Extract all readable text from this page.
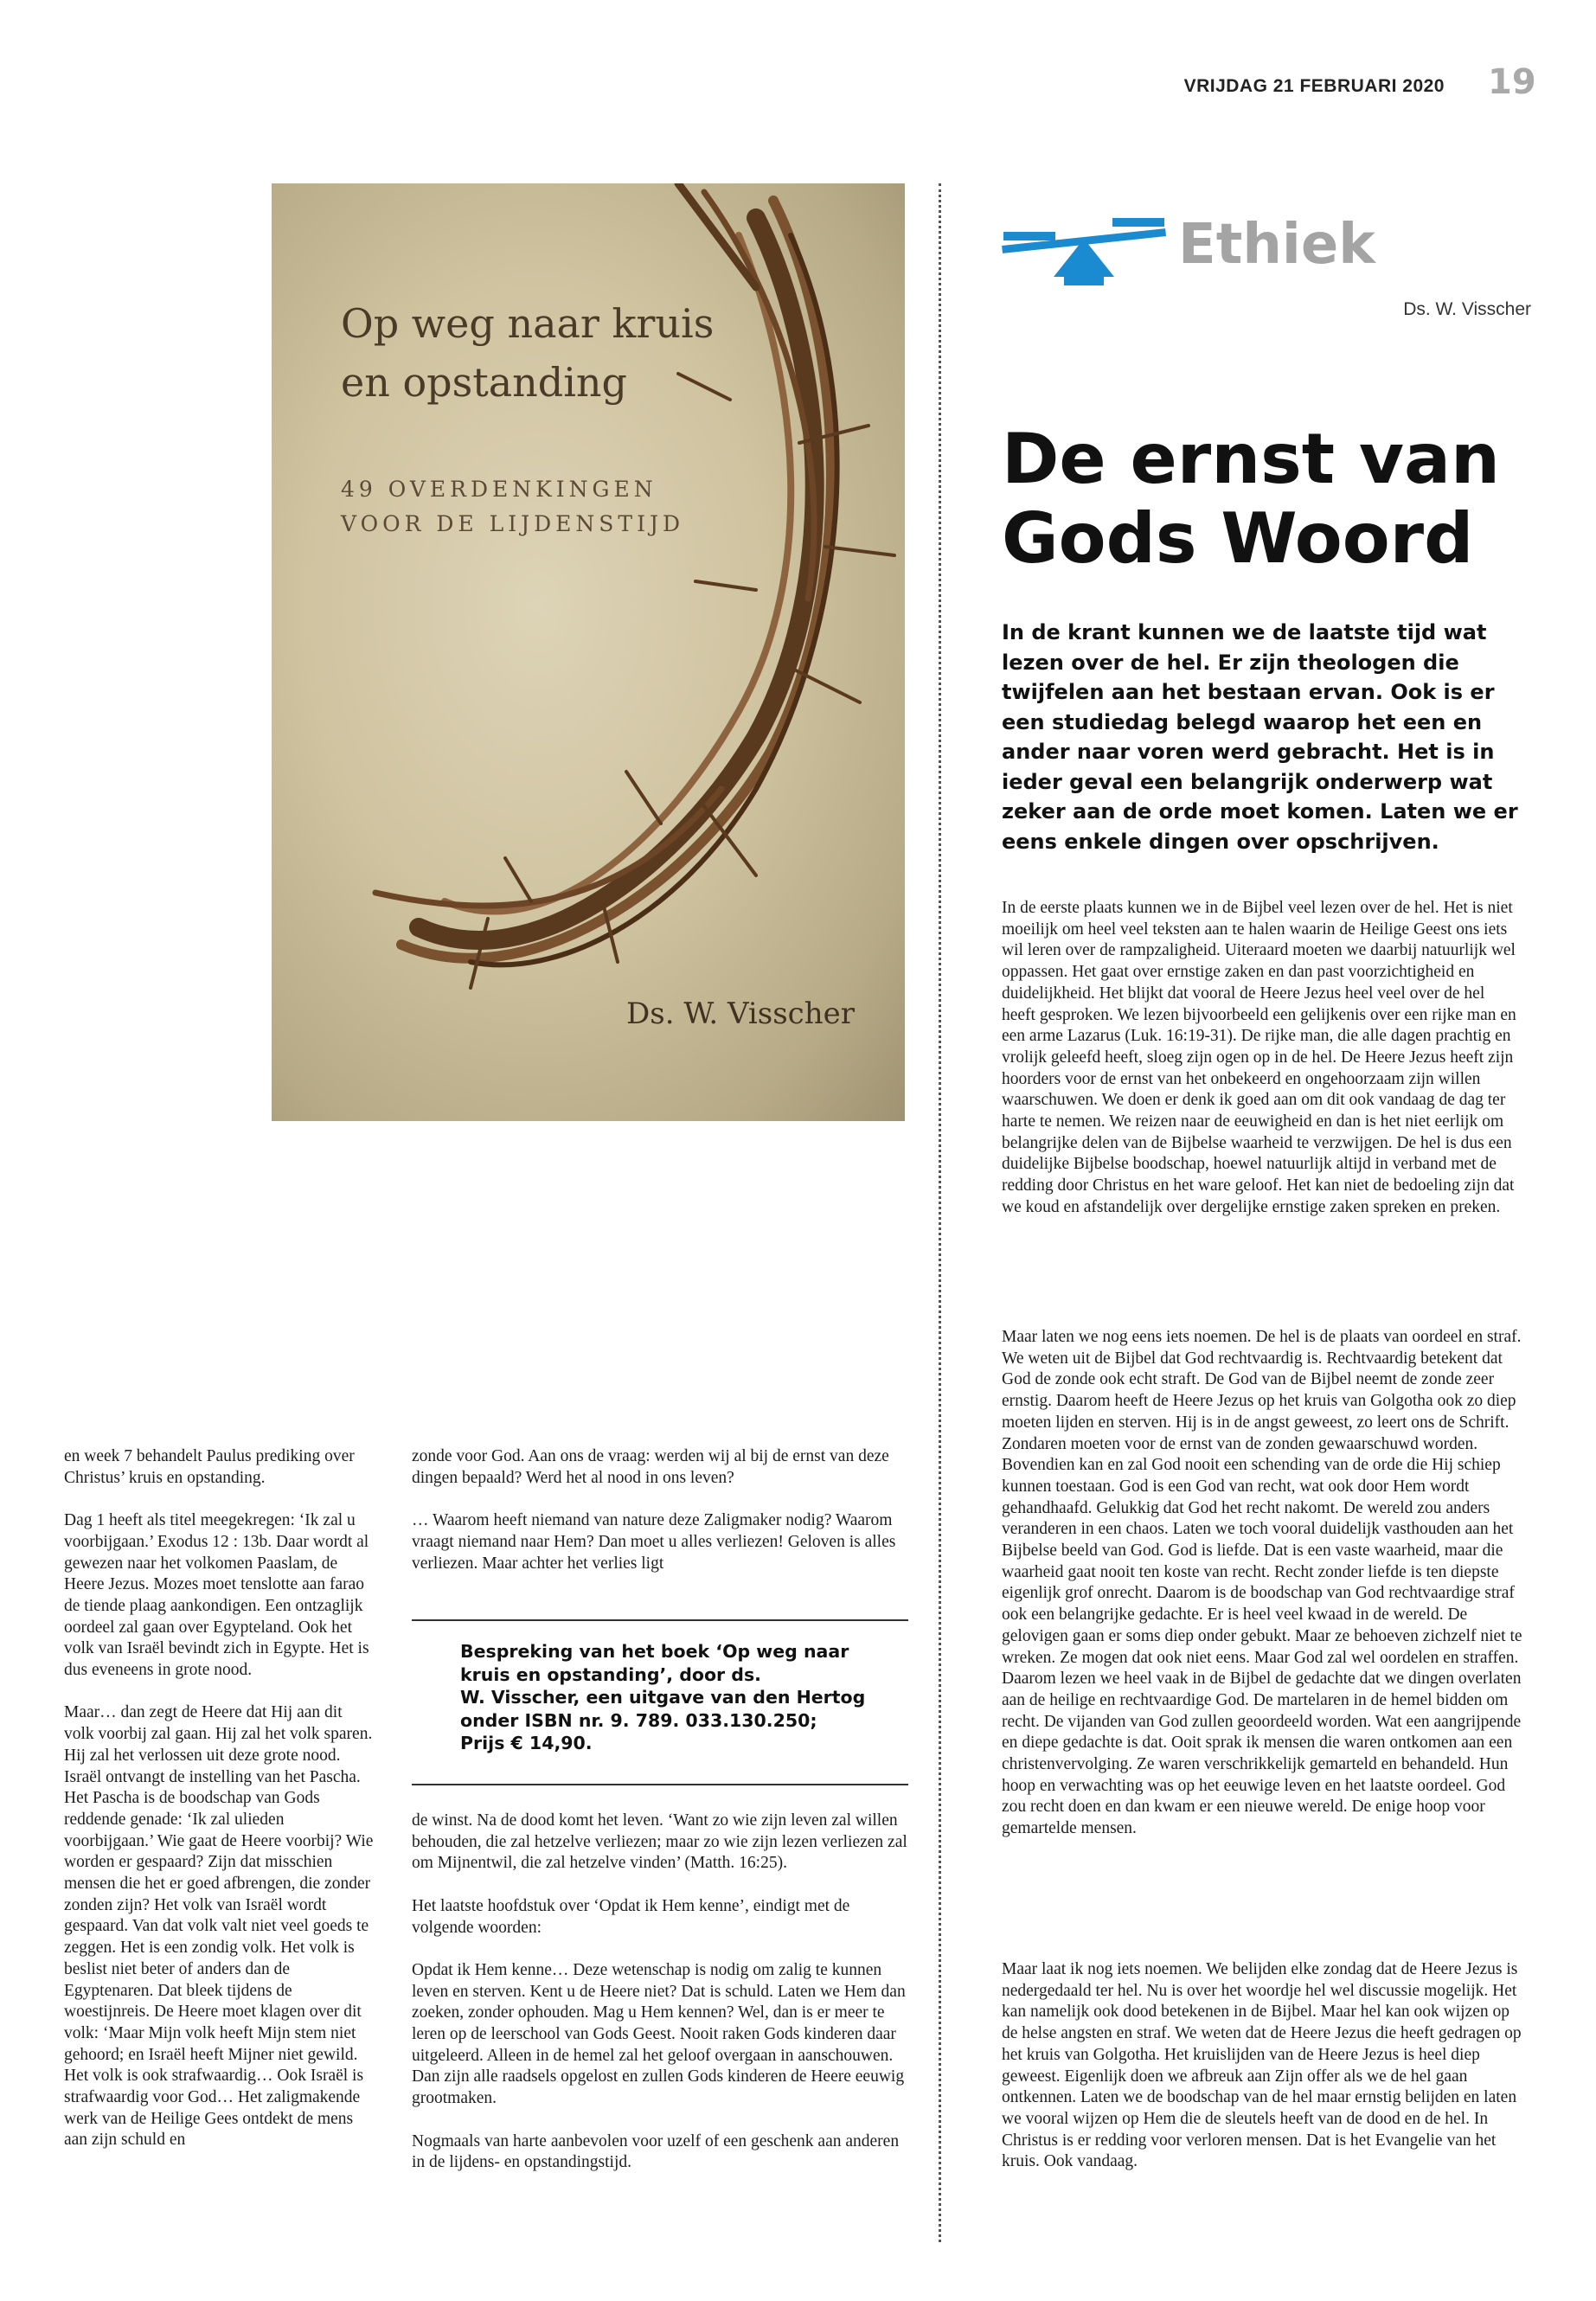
VRIJDAG 21 FEBRUARI 2020 19
Op weg naar kruis
en opstanding
49 OVERDENKINGEN
VOOR DE LIJDENSTIJD
Ds. W. Visscher
Ethiek
Ds. W. Visscher
De ernst van
Gods Woord
In de krant kunnen we de laatste tijd wat lezen over de hel. Er zijn theologen die twijfelen aan het bestaan ervan. Ook is er een studiedag belegd waarop het een en ander naar voren werd gebracht. Het is in ieder geval een belangrijk onderwerp wat zeker aan de orde moet komen. Laten we er eens enkele dingen over opschrijven.
In de eerste plaats kunnen we in de Bijbel veel lezen over de hel. Het is niet moeilijk om heel veel teksten aan te halen waarin de Heilige Geest ons iets wil leren over de rampzaligheid. Uiteraard moeten we daarbij natuurlijk wel oppassen. Het gaat over ernstige zaken en dan past voorzichtigheid en duidelijkheid. Het blijkt dat vooral de Heere Jezus heel veel over de hel heeft gesproken. We lezen bijvoorbeeld een gelijkenis over een rijke man en een arme Lazarus (Luk. 16:19-31). De rijke man, die alle dagen prachtig en vrolijk geleefd heeft, sloeg zijn ogen op in de hel. De Heere Jezus heeft zijn hoorders voor de ernst van het onbekeerd en ongehoorzaam zijn willen waarschuwen. We doen er denk ik goed aan om dit ook vandaag de dag ter harte te nemen. We reizen naar de eeuwigheid en dan is het niet eerlijk om belangrijke delen van de Bijbelse waarheid te verzwijgen. De hel is dus een duidelijke Bijbelse boodschap, hoewel natuurlijk altijd in verband met de redding door Christus en het ware geloof. Het kan niet de bedoeling zijn dat we koud en afstandelijk over dergelijke ernstige zaken spreken en preken.
Maar laten we nog eens iets noemen. De hel is de plaats van oordeel en straf. We weten uit de Bijbel dat God rechtvaardig is. Rechtvaardig betekent dat God de zonde ook echt straft. De God van de Bijbel neemt de zonde zeer ernstig. Daarom heeft de Heere Jezus op het kruis van Golgotha ook zo diep moeten lijden en sterven. Hij is in de angst geweest, zo leert ons de Schrift. Zondaren moeten voor de ernst van de zonden gewaarschuwd worden. Bovendien kan en zal God nooit een schending van de orde die Hij schiep kunnen toestaan. God is een God van recht, wat ook door Hem wordt gehandhaafd. Gelukkig dat God het recht nakomt. De wereld zou anders veranderen in een chaos. Laten we toch vooral duidelijk vasthouden aan het Bijbelse beeld van God. God is liefde. Dat is een vaste waarheid, maar die waarheid gaat nooit ten koste van recht. Recht zonder liefde is ten diepste eigenlijk grof onrecht. Daarom is de boodschap van God rechtvaardige straf ook een belangrijke gedachte. Er is heel veel kwaad in de wereld. De gelovigen gaan er soms diep onder gebukt. Maar ze behoeven zichzelf niet te wreken. Ze mogen dat ook niet eens. Maar God zal wel oordelen en straffen. Daarom lezen we heel vaak in de Bijbel de gedachte dat we dingen overlaten aan de heilige en rechtvaardige God. De martelaren in de hemel bidden om recht. De vijanden van God zullen geoordeeld worden. Wat een aangrijpende en diepe gedachte is dat. Ooit sprak ik mensen die waren ontkomen aan een christenvervolging. Ze waren verschrikkelijk gemarteld en behandeld. Hun hoop en verwachting was op het eeuwige leven en het laatste oordeel. God zou recht doen en dan kwam er een nieuwe wereld. De enige hoop voor gemartelde mensen.
Maar laat ik nog iets noemen. We belijden elke zondag dat de Heere Jezus is nedergedaald ter hel. Nu is over het woordje hel wel discussie mogelijk. Het kan namelijk ook dood betekenen in de Bijbel. Maar hel kan ook wijzen op de helse angsten en straf. We weten dat de Heere Jezus die heeft gedragen op het kruis van Golgotha. Het kruislijden van de Heere Jezus is heel diep geweest. Eigenlijk doen we afbreuk aan Zijn offer als we de hel gaan ontkennen. Laten we de boodschap van de hel maar ernstig belijden en laten we vooral wijzen op Hem die de sleutels heeft van de dood en de hel. In Christus is er redding voor verloren mensen. Dat is het Evangelie van het kruis. Ook vandaag.

en week 7 behandelt Paulus prediking over Christus’ kruis en opstanding.

Dag 1 heeft als titel meegekregen: ‘Ik zal u voorbijgaan.’ Exodus 12 : 13b. Daar wordt al gewezen naar het volkomen Paaslam, de Heere Jezus. Mozes moet tenslotte aan farao de tiende plaag aankondigen. Een ontzaglijk oordeel zal gaan over Egypteland. Ook het volk van Israël bevindt zich in Egypte. Het is dus eveneens in grote nood.

Maar… dan zegt de Heere dat Hij aan dit volk voorbij zal gaan. Hij zal het volk sparen. Hij zal het verlossen uit deze grote nood. Israël ontvangt de instelling van het Pascha. Het Pascha is de boodschap van Gods reddende genade: ‘Ik zal ulieden voorbijgaan.’ Wie gaat de Heere voorbij? Wie worden er gespaard? Zijn dat misschien mensen die het er goed afbrengen, die zonder zonden zijn? Het volk van Israël wordt gespaard. Van dat volk valt niet veel goeds te zeggen. Het is een zondig volk. Het volk is beslist niet beter of anders dan de Egyptenaren. Dat bleek tijdens de woestijnreis. De Heere moet klagen over dit volk: ‘Maar Mijn volk heeft Mijn stem niet gehoord; en Israël heeft Mijner niet gewild. Het volk is ook strafwaardig… Ook Israël is strafwaardig voor God… Het zaligmakende werk van de Heilige Gees ontdekt de mens aan zijn schuld en

zonde voor God. Aan ons de vraag: werden wij al bij de ernst van deze dingen bepaald? Werd het al nood in ons leven?

… Waarom heeft niemand van nature deze Zaligmaker nodig? Waarom vraagt niemand naar Hem? Dan moet u alles verliezen! Geloven is alles verliezen. Maar achter het verlies ligt

Bespreking van het boek ‘Op weg naar
kruis en opstanding’, door ds.
W. Visscher, een uitgave van den Hertog
onder ISBN nr. 9. 789. 033.130.250;
Prijs € 14,90.

de winst. Na de dood komt het leven. ‘Want zo wie zijn leven zal willen behouden, die zal hetzelve verliezen; maar zo wie zijn lezen verliezen zal om Mijnentwil, die zal hetzelve vinden’ (Matth. 16:25).

Het laatste hoofdstuk over ‘Opdat ik Hem kenne’, eindigt met de volgende woorden:

Opdat ik Hem kenne… Deze wetenschap is nodig om zalig te kunnen leven en sterven. Kent u de Heere niet? Dat is schuld. Laten we Hem dan zoeken, zonder ophouden. Mag u Hem kennen? Wel, dan is er meer te leren op de leerschool van Gods Geest. Nooit raken Gods kinderen daar uitgeleerd. Alleen in de hemel zal het geloof overgaan in aanschouwen. Dan zijn alle raadsels opgelost en zullen Gods kinderen de Heere eeuwig grootmaken.

Nogmaals van harte aanbevolen voor uzelf of een geschenk aan anderen in de lijdens- en opstandingstijd.
